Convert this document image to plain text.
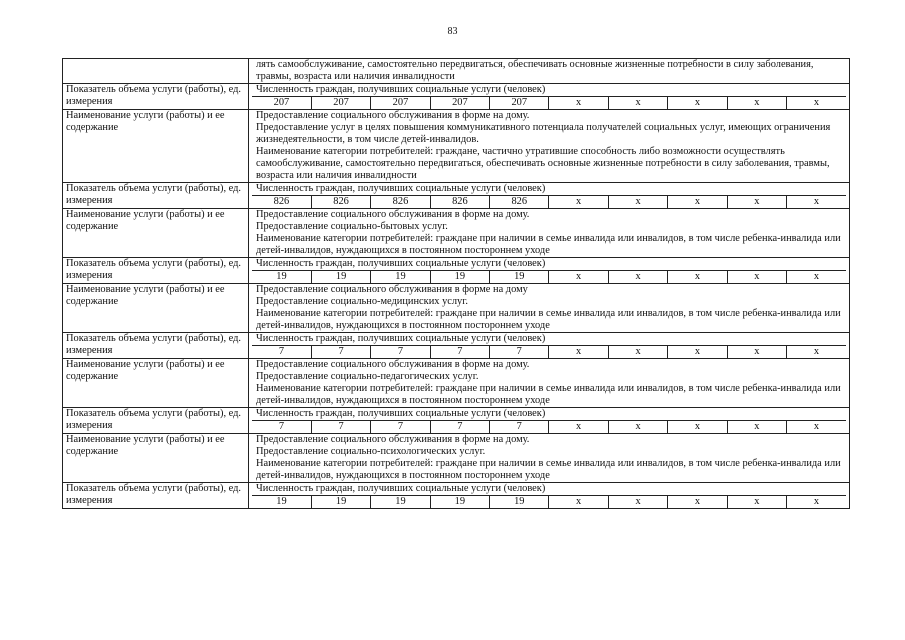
83

лять самообслуживание, самостоятельно передвигаться, обеспечивать основные жизненные потребности в силу заболевания, травмы, возраста или наличия инвалидности

Показатель объема услуги (работы), ед. измерения	
Численность граждан, получивших социальные услуги (человек)
207	207	207	207	207	x	x	x	x	x

Наименование услуги (работы) и ее содержание	
Предоставление социального обслуживания в форме на дому.
Предоставление услуг в целях повышения коммуникативного потенциала получателей социальных услуг, имеющих ограничения жизнедеятельности, в том числе детей-инвалидов.
Наименование категории потребителей: граждане, частично утратившие способность либо возможности осуществлять самообслуживание, самостоятельно передвигаться, обеспечивать основные жизненные потребности в силу заболевания, травмы, возраста или наличия инвалидности

Показатель объема услуги (работы), ед. измерения	
Численность граждан, получивших социальные услуги (человек)
826	826	826	826	826	x	x	x	x	x

Наименование услуги (работы) и ее содержание	
Предоставление социального обслуживания в форме на дому.
Предоставление социально-бытовых услуг.
Наименование категории потребителей: граждане при наличии в семье инвалида или инвалидов, в том числе ребенка-инвалида или детей-инвалидов, нуждающихся в постоянном постороннем уходе

Показатель объема услуги (работы), ед. измерения	
Численность граждан, получивших социальные услуги (человек)
19	19	19	19	19	x	x	x	x	x

Наименование услуги (работы) и ее содержание	
Предоставление социального обслуживания в форме на дому
Предоставление социально-медицинских услуг.
Наименование категории потребителей: граждане при наличии в семье инвалида или инвалидов, в том числе ребенка-инвалида или детей-инвалидов, нуждающихся в постоянном постороннем уходе

Показатель объема услуги (работы), ед. измерения	
Численность граждан, получивших социальные услуги (человек)
7	7	7	7	7	x	x	x	x	x

Наименование услуги (работы) и ее содержание	
Предоставление социального обслуживания в форме на дому.
Предоставление социально-педагогических услуг.
Наименование категории потребителей: граждане при наличии в семье инвалида или инвалидов, в том числе ребенка-инвалида или детей-инвалидов, нуждающихся в постоянном постороннем уходе

Показатель объема услуги (работы), ед. измерения	
Численность граждан, получивших социальные услуги (человек)
7	7	7	7	7	x	x	x	x	x

Наименование услуги (работы) и ее содержание	
Предоставление социального обслуживания в форме на дому.
Предоставление социально-психологических услуг.
Наименование категории потребителей: граждане при наличии в семье инвалида или инвалидов, в том числе ребенка-инвалида или детей-инвалидов, нуждающихся в постоянном постороннем уходе

Показатель объема услуги (работы), ед. измерения	
Численность граждан, получивших социальные услуги (человек)
19	19	19	19	19	x	x	x	x	x
